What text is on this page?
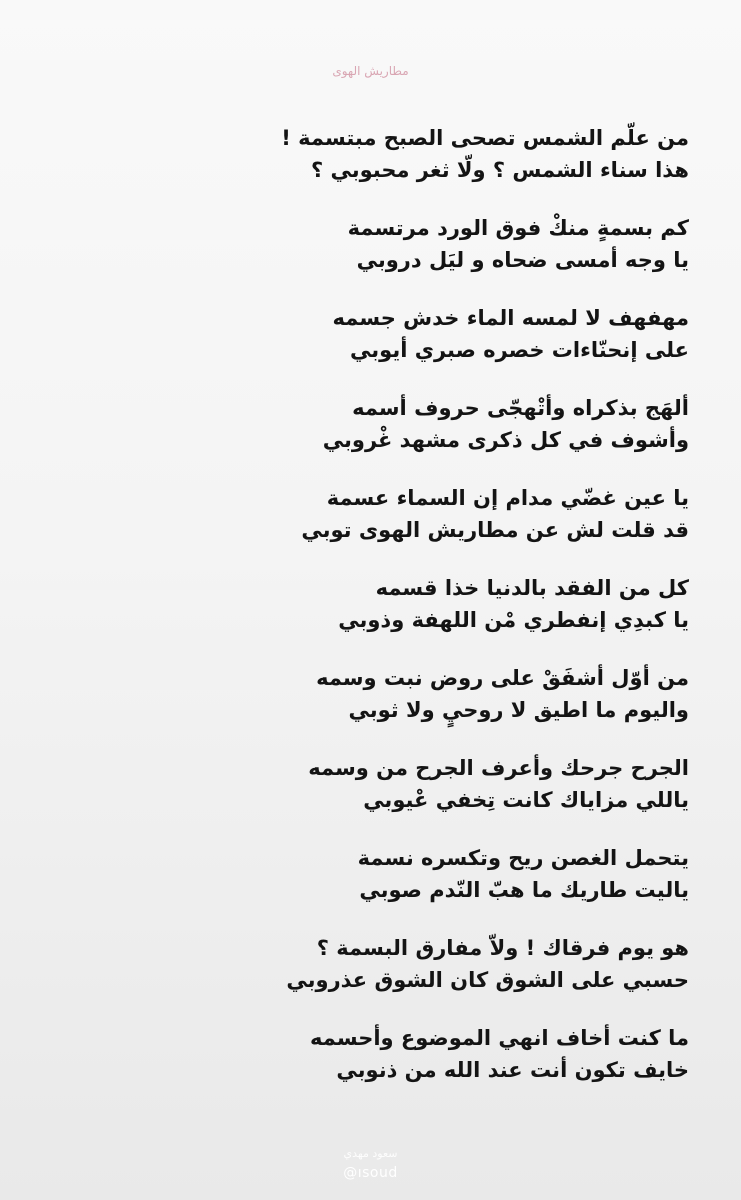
مطاريش الهوى
من علّم الشمس تصحى الصبح مبتسمة !
هذا سناء الشمس ؟ ولّا ثغر محبوبي ؟
كم بسمةٍ منكْ فوق الورد مرتسمة
يا وجه أمسى ضحاه و ليَل دروبي
مهفهف لا لمسه الماء خدش جسمه
على إنحنّاءات خصره صبري أيوبي
ألهَج بذكراه وأتْهجّى حروف أسمه
وأشوف في كل ذكرى مشهد غْروبي
يا عين غضّي مدام إن السماء عسمة
قد قلت لش عن مطاريش الهوى توبي
كل من الفقد بالدنيا خذا قسمه
يا كبدِي إنفطري مْن اللهفة وذوبي
من أوّل أشفَقْ على روض نبت وسمه
واليوم ما اطيق لا روحيٍ ولا ثوبي
الجرح جرحك وأعرف الجرح من وسمه
ياللي مزاياك كانت تِخفي عْيوبي
يتحمل الغصن ريح وتكسره نسمة
ياليت طاريك ما هبّ النّدم صوبي
هو يوم فرقاك ! ولاّ مفارق البسمة ؟
حسبي على الشوق كان الشوق عذروبي
ما كنت أخاف انهي الموضوع وأحسمه
خايف تكون أنت عند الله من ذنوبي
سعود مهدي
@ısoud
